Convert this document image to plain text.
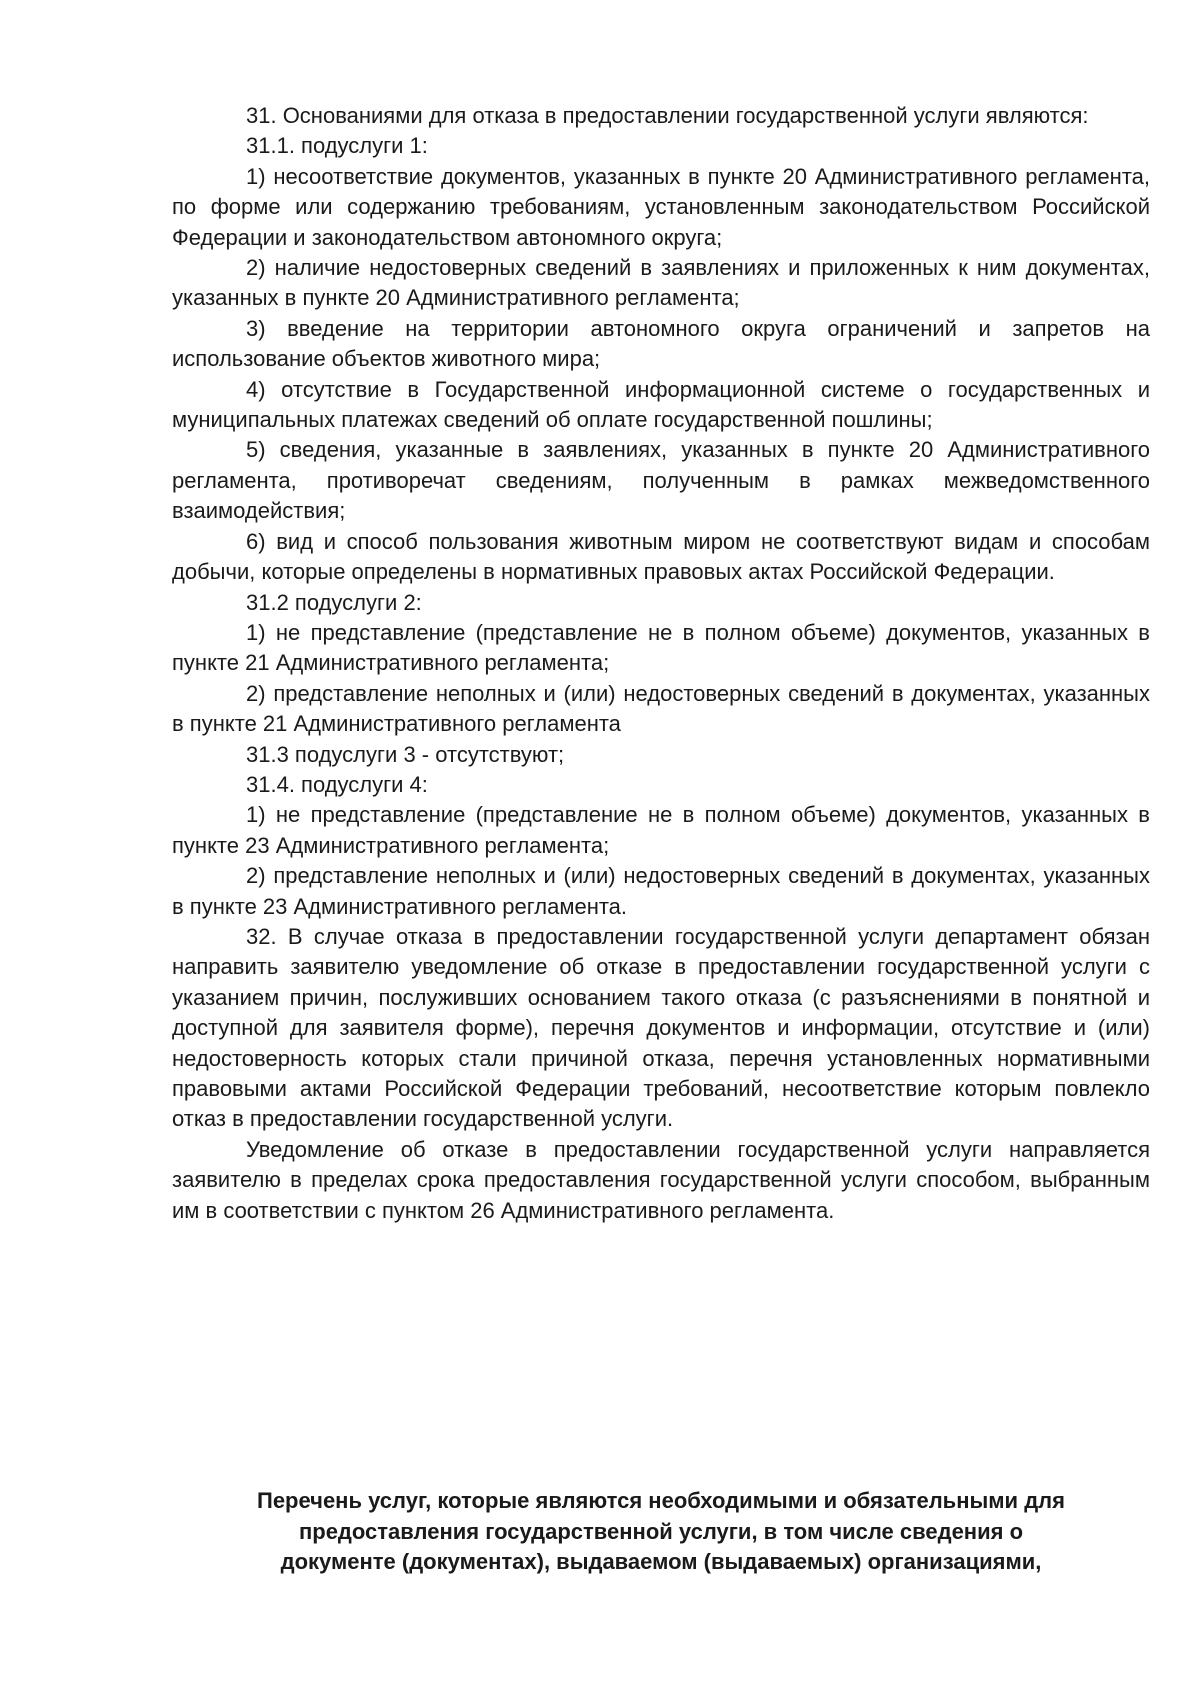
31. Основаниями для отказа в предоставлении государственной услуги являются:

31.1. подуслуги 1:

1) несоответствие документов, указанных в пункте 20 Административного регламента, по форме или содержанию требованиям, установленным законодательством Российской Федерации и законодательством автономного округа;

2) наличие недостоверных сведений в заявлениях и приложенных к ним документах, указанных в пункте 20 Административного регламента;

3) введение на территории автономного округа ограничений и запретов на использование объектов животного мира;

4) отсутствие в Государственной информационной системе о государственных и муниципальных платежах сведений об оплате государственной пошлины;

5) сведения, указанные в заявлениях, указанных в пункте 20 Административного регламента, противоречат сведениям, полученным в рамках межведомственного взаимодействия;

6) вид и способ пользования животным миром не соответствуют видам и способам добычи, которые определены в нормативных правовых актах Российской Федерации.

31.2 подуслуги 2:

1) не представление (представление не в полном объеме) документов, указанных в пункте 21 Административного регламента;

2) представление неполных и (или) недостоверных сведений в документах, указанных в пункте 21 Административного регламента

31.3 подуслуги 3 - отсутствуют;

31.4. подуслуги 4:

1) не представление (представление не в полном объеме) документов, указанных в пункте 23 Административного регламента;

2) представление неполных и (или) недостоверных сведений в документах, указанных в пункте 23 Административного регламента.

32. В случае отказа в предоставлении государственной услуги департамент обязан направить заявителю уведомление об отказе в предоставлении государственной услуги с указанием причин, послуживших основанием такого отказа (с разъяснениями в понятной и доступной для заявителя форме), перечня документов и информации, отсутствие и (или) недостоверность которых стали причиной отказа, перечня установленных нормативными правовыми актами Российской Федерации требований, несоответствие которым повлекло отказ в предоставлении государственной услуги.

Уведомление об отказе в предоставлении государственной услуги направляется заявителю в пределах срока предоставления государственной услуги способом, выбранным им в соответствии с пунктом 26 Административного регламента.

Перечень услуг, которые являются необходимыми и обязательными для
предоставления государственной услуги, в том числе сведения о
документе (документах), выдаваемом (выдаваемых) организациями,
